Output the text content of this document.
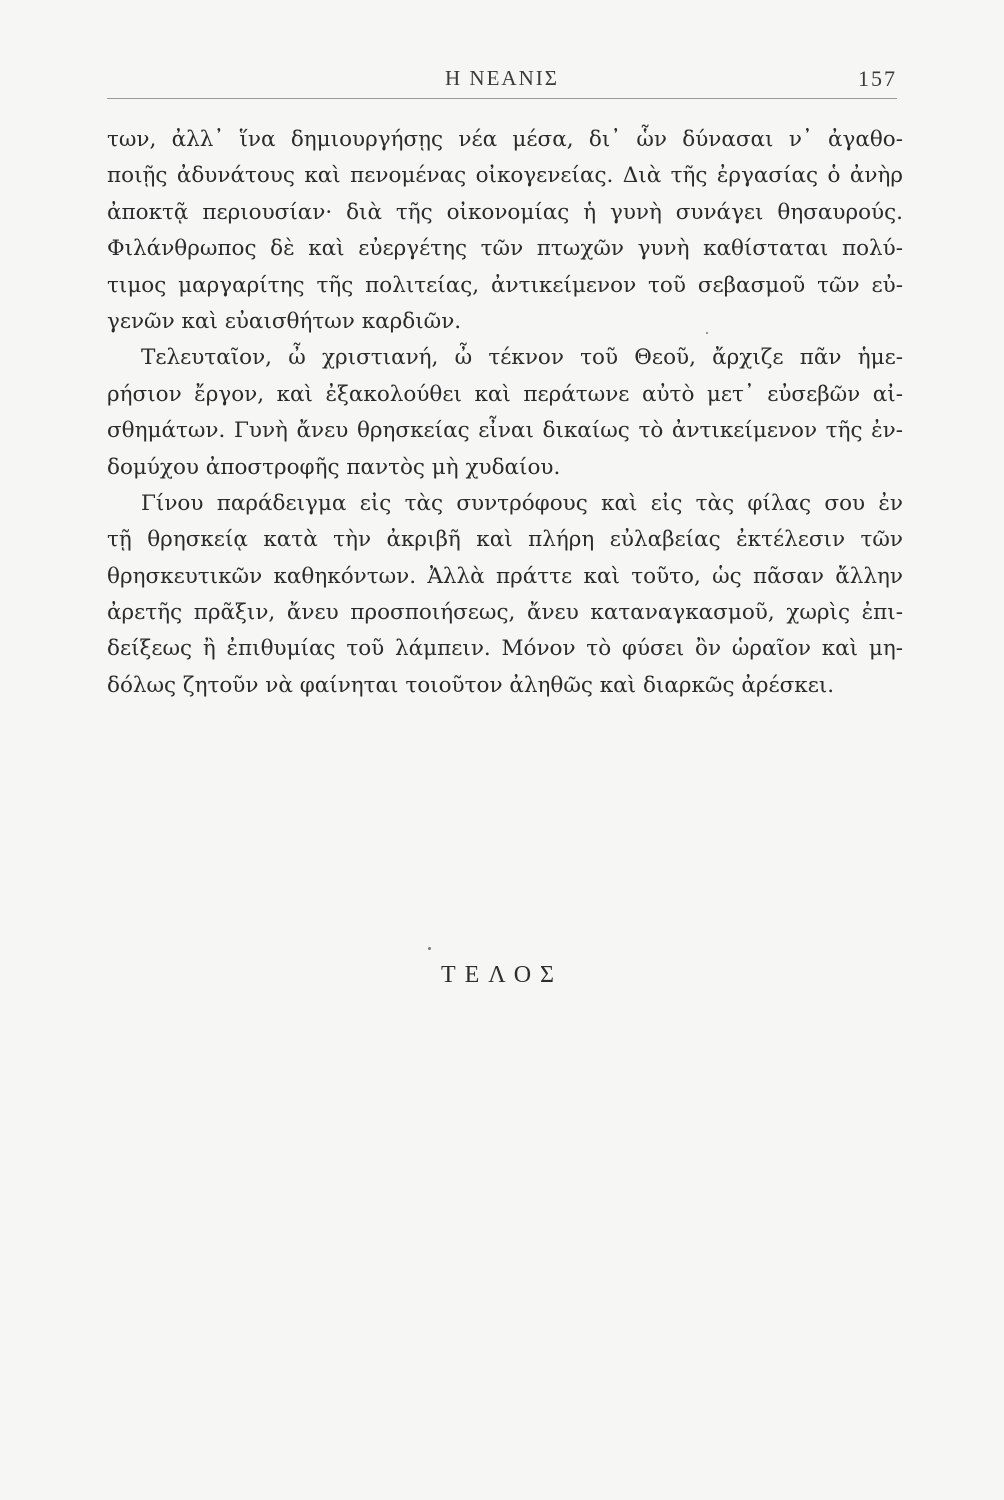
Η ΝΕΑΝΙΣ	157
των, ἀλλ᾿ ἵνα δημιουργήσῃς νέα μέσα, δι᾿ ὧν δύνασαι ν᾿ ἀγαθο-
ποιῇς ἀδυνάτους καὶ πενομένας οἰκογενείας. Διὰ τῆς ἐργασίας ὁ ἀνὴρ
ἀποκτᾷ περιουσίαν· διὰ τῆς οἰκονομίας ἡ γυνὴ συνάγει θησαυρούς.
Φιλάνθρωπος δὲ καὶ εὐεργέτης τῶν πτωχῶν γυνὴ καθίσταται πολύ-
τιμος μαργαρίτης τῆς πολιτείας, ἀντικείμενον τοῦ σεβασμοῦ τῶν εὐ-
γενῶν καὶ εὐαισθήτων καρδιῶν.
Τελευταῖον, ὦ χριστιανή, ὦ τέκνον τοῦ Θεοῦ, ἄρχιζε πᾶν ἡμε-
ρήσιον ἔργον, καὶ ἐξακολούθει καὶ περάτωνε αὐτὸ μετ᾿ εὐσεβῶν αἰ-
σθημάτων. Γυνὴ ἄνευ θρησκείας εἶναι δικαίως τὸ ἀντικείμενον τῆς ἐν-
δομύχου ἀποστροφῆς παντὸς μὴ χυδαίου.
Γίνου παράδειγμα εἰς τὰς συντρόφους καὶ εἰς τὰς φίλας σου ἐν
τῇ θρησκείᾳ κατὰ τὴν ἀκριβῆ καὶ πλήρη εὐλαβείας ἐκτέλεσιν τῶν
θρησκευτικῶν καθηκόντων. Ἀλλὰ πράττε καὶ τοῦτο, ὡς πᾶσαν ἄλλην
ἀρετῆς πρᾶξιν, ἄνευ προσποιήσεως, ἄνευ καταναγκασμοῦ, χωρὶς ἐπι-
δείξεως ἢ ἐπιθυμίας τοῦ λάμπειν. Μόνον τὸ φύσει ὂν ὡραῖον καὶ μη-
δόλως ζητοῦν νὰ φαίνηται τοιοῦτον ἀληθῶς καὶ διαρκῶς ἀρέσκει.
ΤΕΛΟΣ
